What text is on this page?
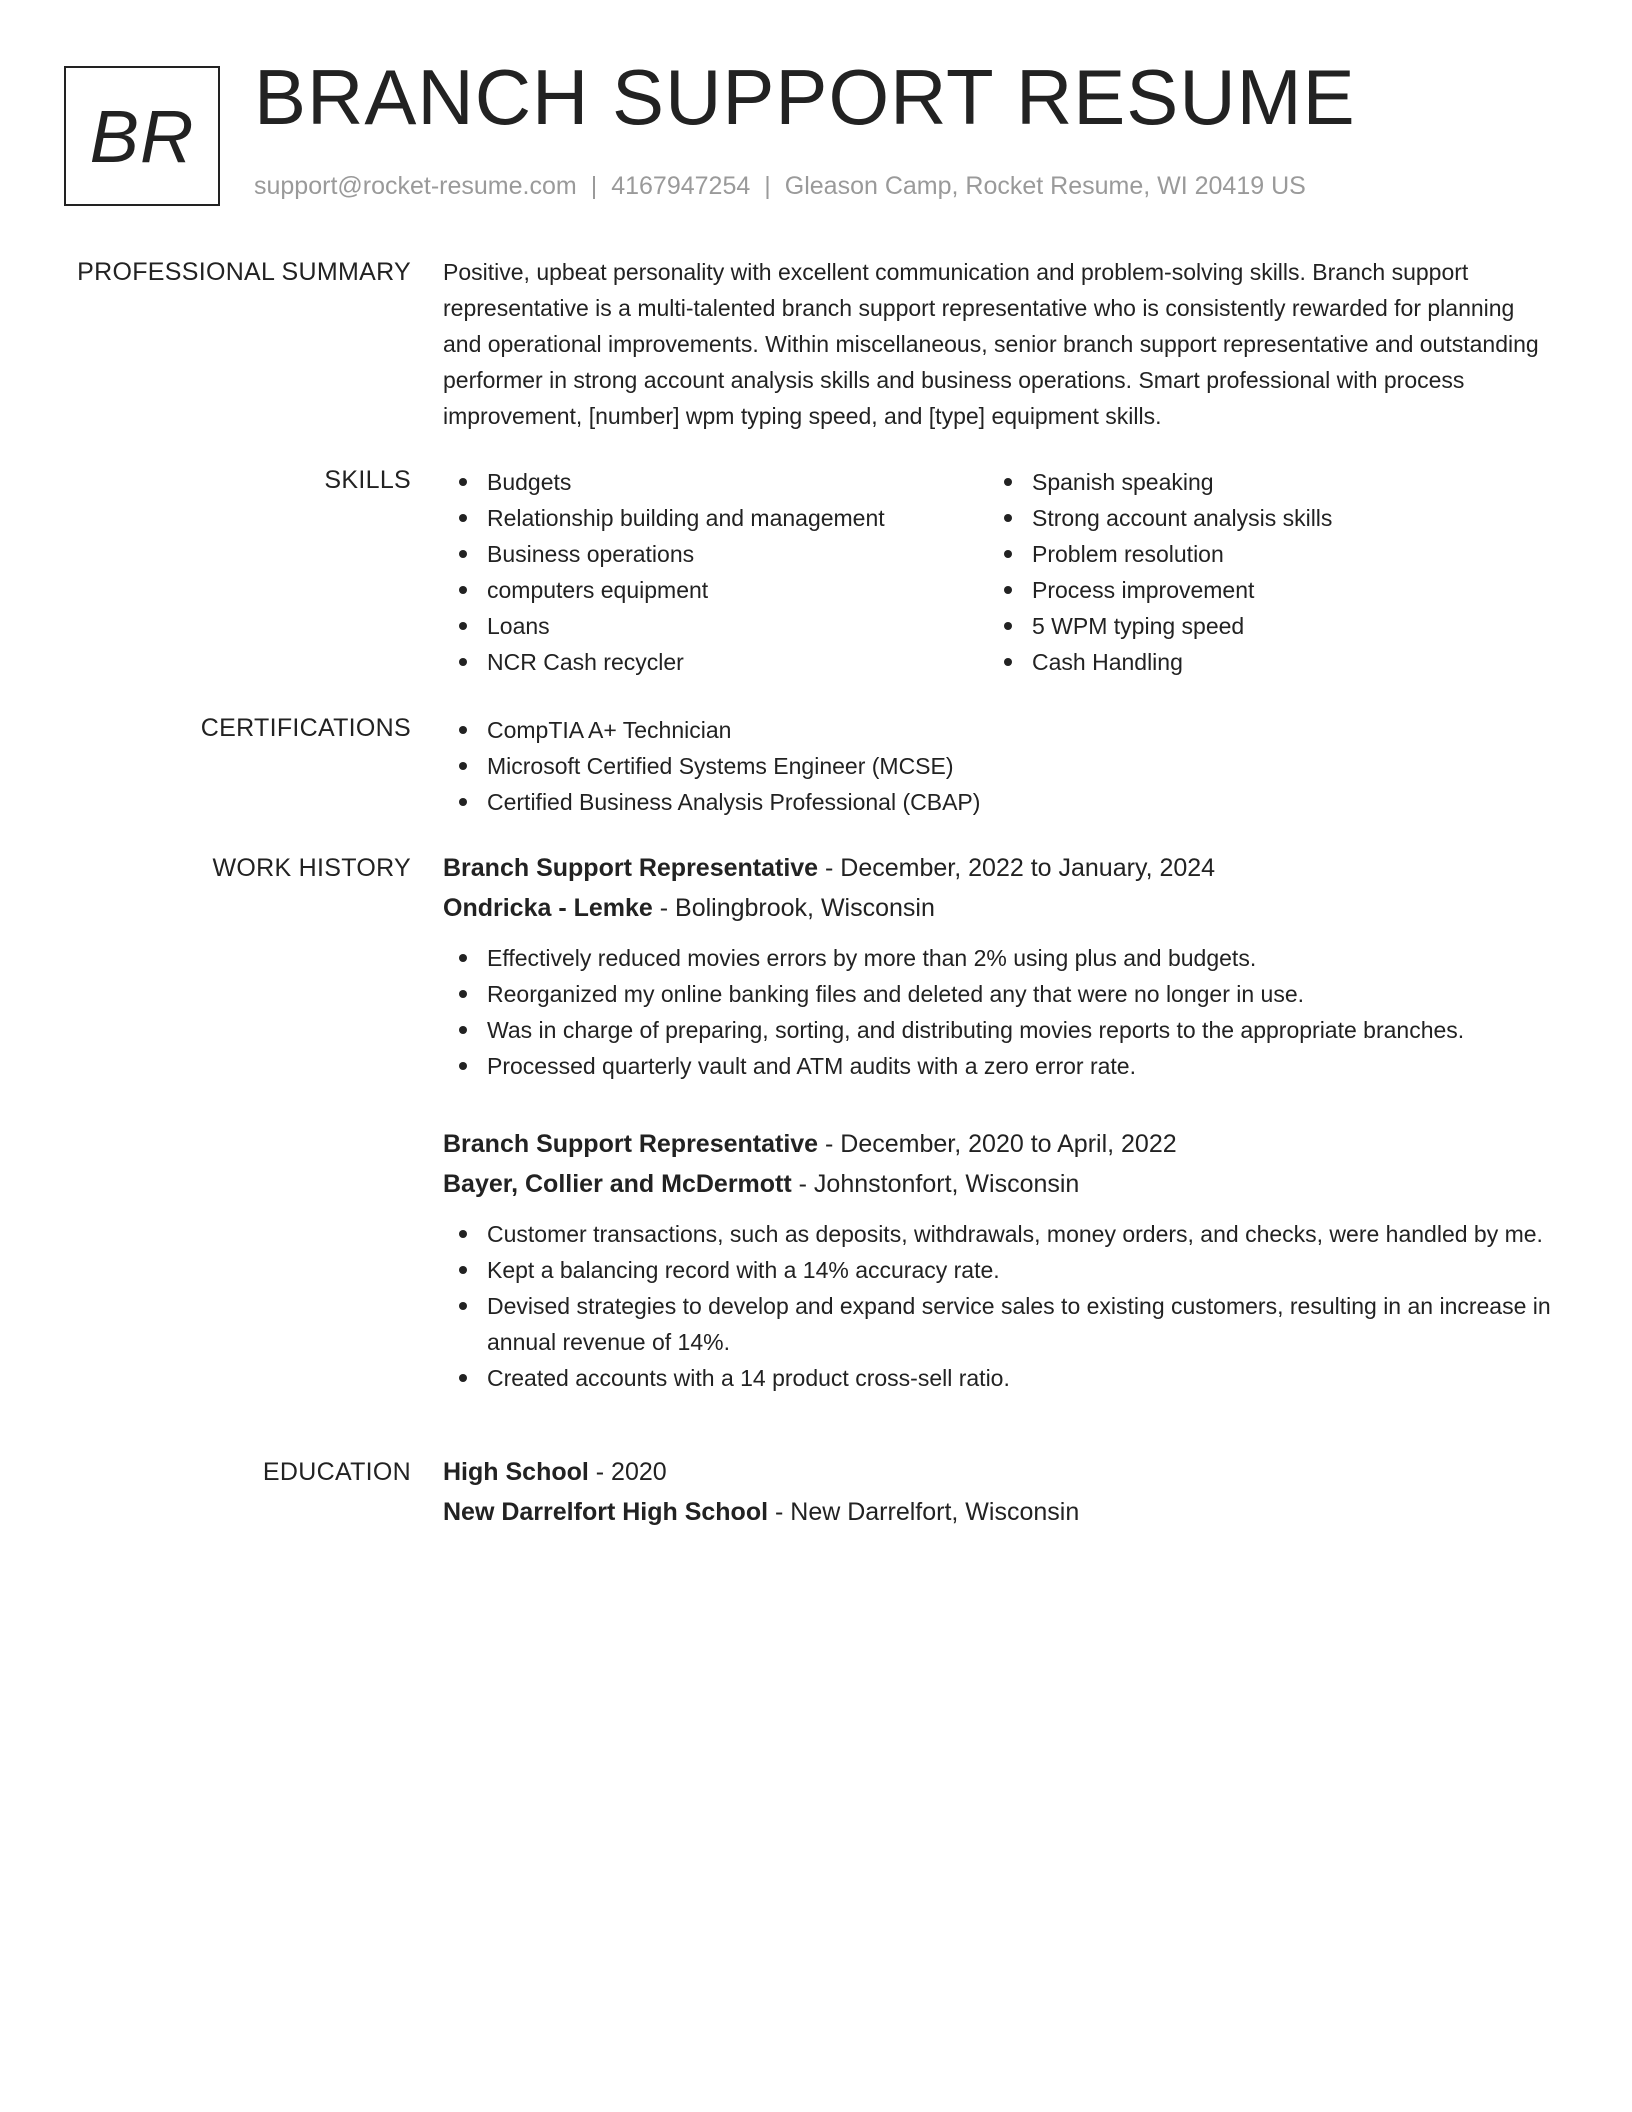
BR BRANCH SUPPORT RESUME
support@rocket-resume.com | 4167947254 | Gleason Camp, Rocket Resume, WI 20419 US
PROFESSIONAL SUMMARY Positive, upbeat personality with excellent communication and problem-solving skills. Branch support representative is a multi-talented branch support representative who is consistently rewarded for planning and operational improvements. Within miscellaneous, senior branch support representative and outstanding performer in strong account analysis skills and business operations. Smart professional with process improvement, [number] wpm typing speed, and [type] equipment skills.

SKILLS	Budgets
Relationship building and management
Business operations
computers equipment
Loans
NCR Cash recycler
Spanish speaking
Strong account analysis skills
Problem resolution
Process improvement
5 WPM typing speed
Cash Handling
CERTIFICATIONS	CompTIA A+ Technician
Microsoft Certified Systems Engineer (MCSE)
Certified Business Analysis Professional (CBAP)
WORK HISTORY Branch Support Representative - December, 2022 to January, 2024
Ondricka - Lemke - Bolingbrook, Wisconsin
Effectively reduced movies errors by more than 2% using plus and budgets.
Reorganized my online banking files and deleted any that were no longer in use.
Was in charge of preparing, sorting, and distributing movies reports to the appropriate branches.
Processed quarterly vault and ATM audits with a zero error rate.
Branch Support Representative - December, 2020 to April, 2022
Bayer, Collier and McDermott - Johnstonfort, Wisconsin
Customer transactions, such as deposits, withdrawals, money orders, and checks, were handled by me.
Kept a balancing record with a 14% accuracy rate.
Devised strategies to develop and expand service sales to existing customers, resulting in an increase in annual revenue of 14%.
Created accounts with a 14 product cross-sell ratio.
EDUCATION High School - 2020
New Darrelfort High School - New Darrelfort, Wisconsin
